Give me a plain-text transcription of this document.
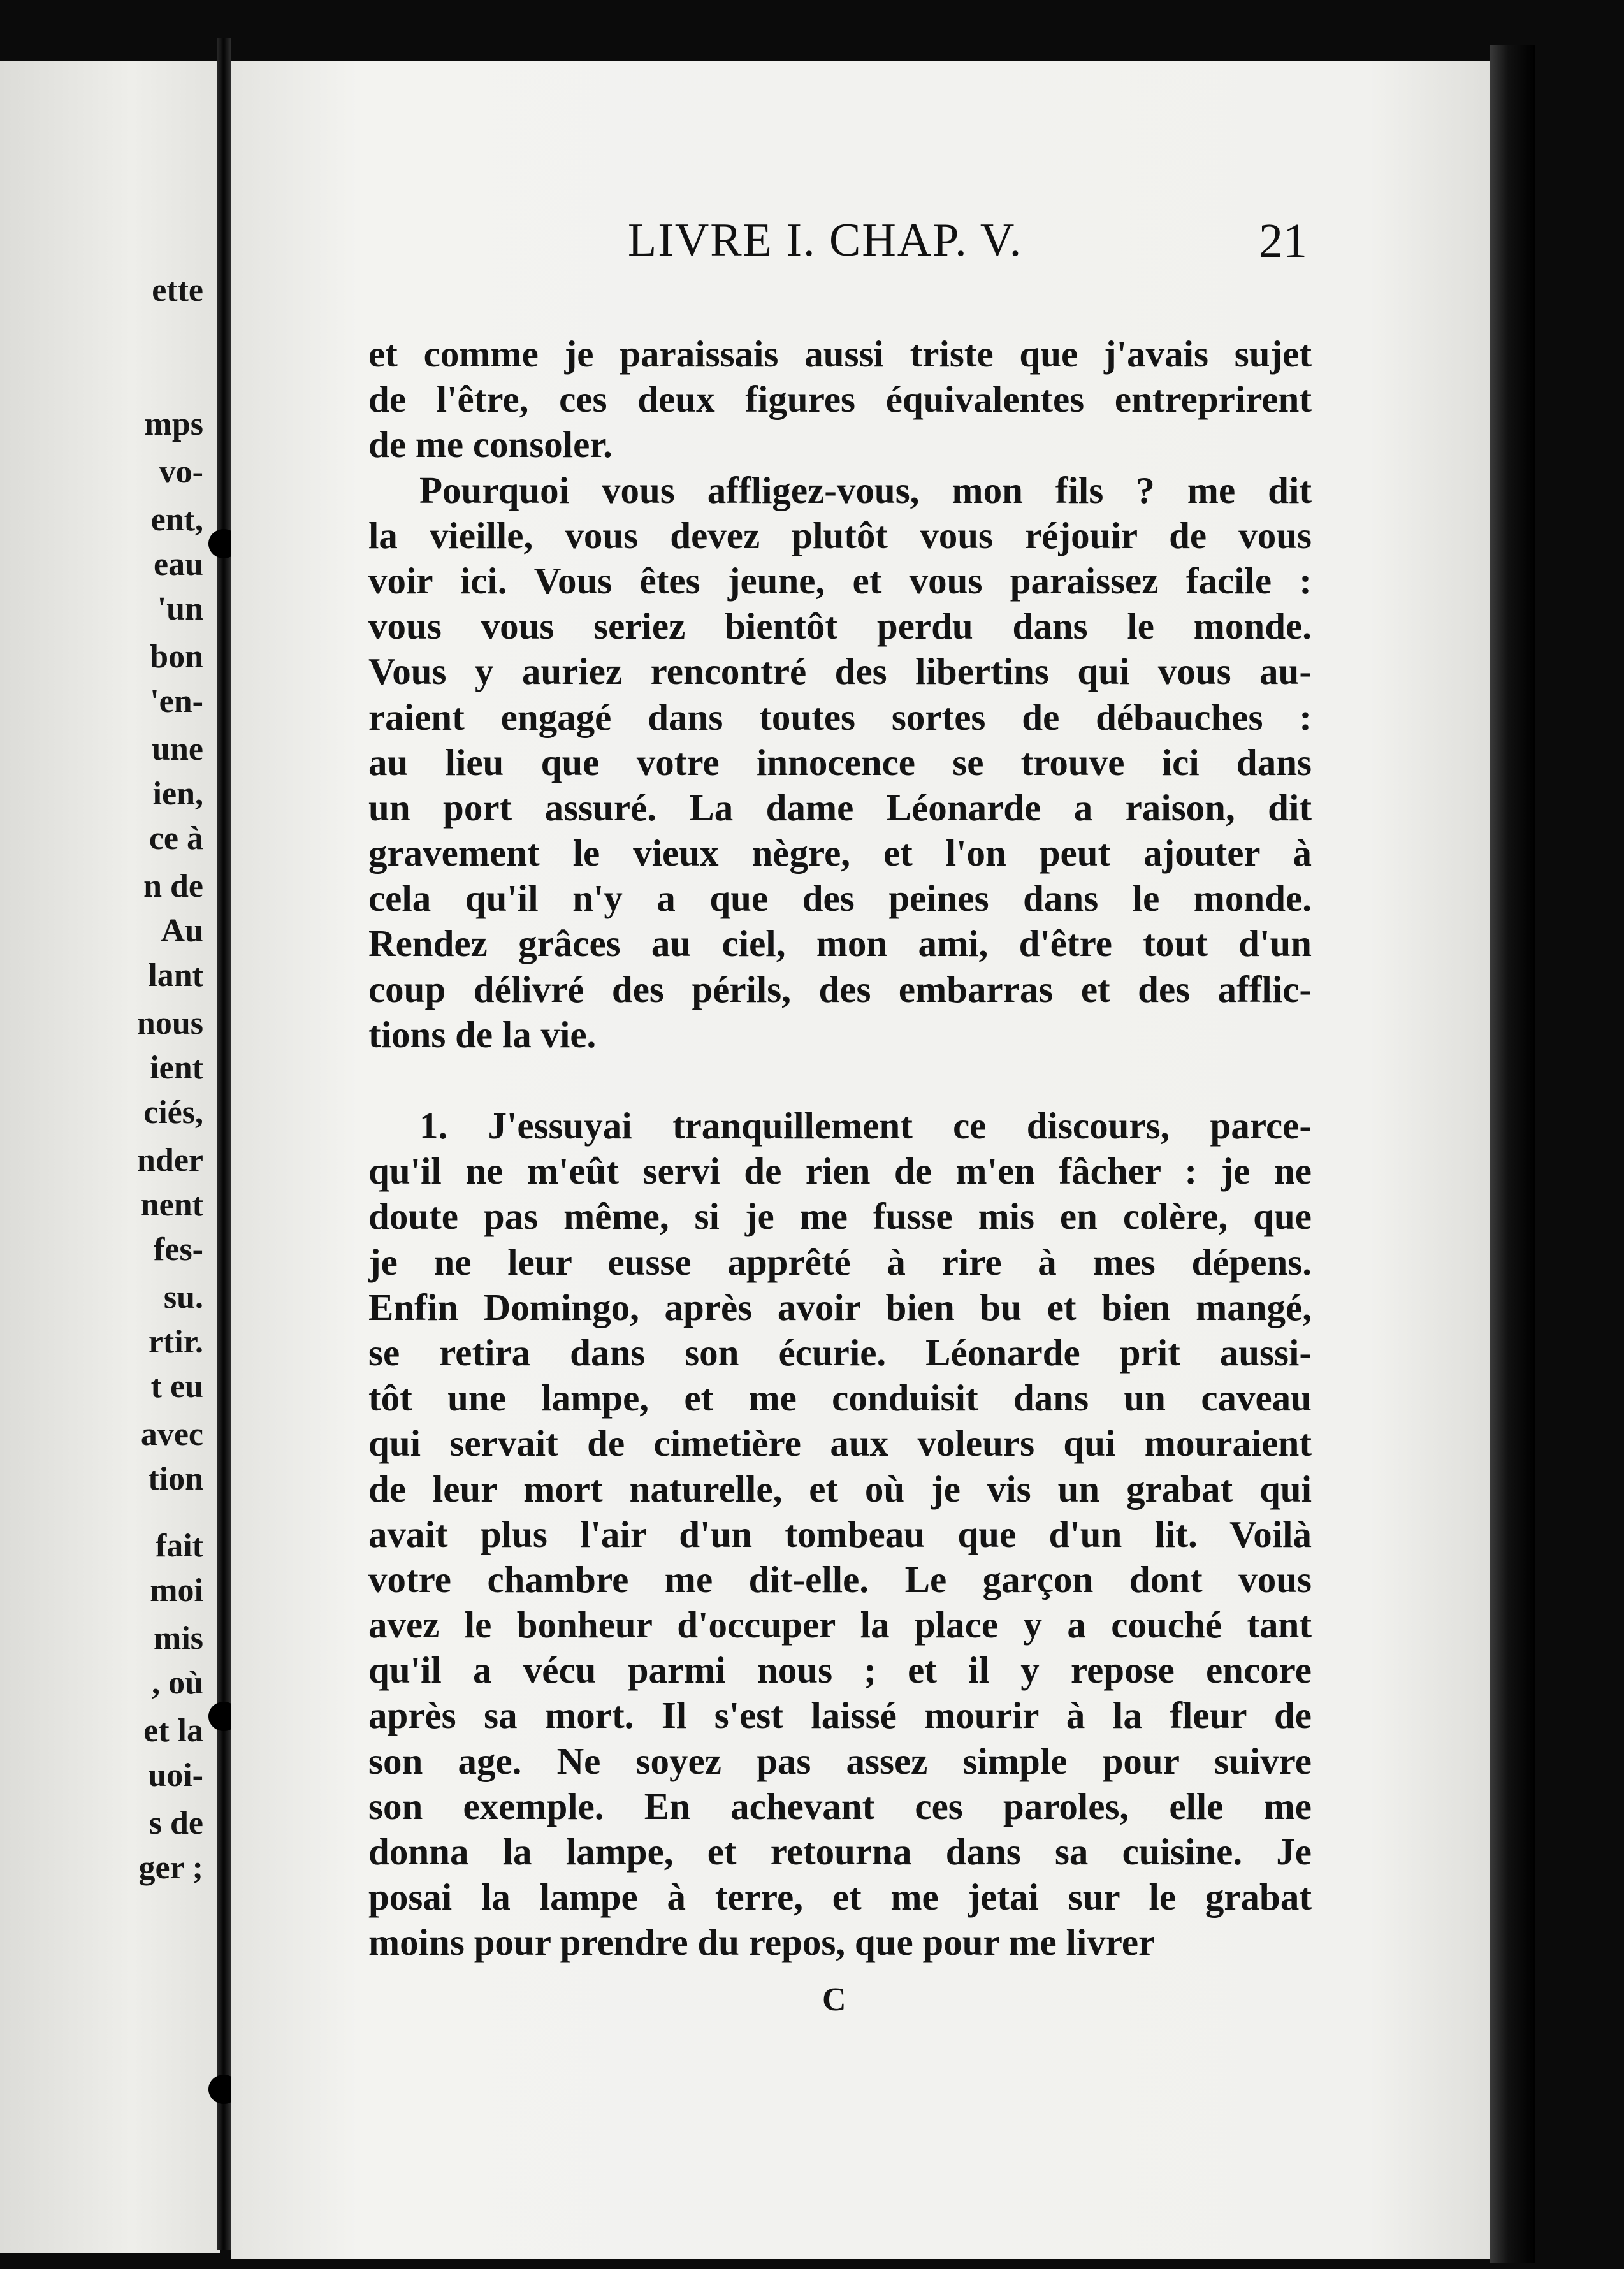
ette

mps

vo-

ent,

eau

'un

bon

'en-

une

ien,

ce à

n de

Au

lant

nous

ient

ciés,

nder

nent

fes-

su.

rtir.

t eu

avec

tion

fait

moi

mis

, où

et la

uoi-

s de

ger ;

LIVRE I. CHAP. V.	21
et comme je paraissais aussi triste que j'avais sujet
de l'être, ces deux figures équivalentes entreprirent
de me consoler.
Pourquoi vous affligez-vous, mon fils ? me dit
la vieille, vous devez plutôt vous réjouir de vous
voir ici. Vous êtes jeune, et vous paraissez facile :
vous vous seriez bientôt perdu dans le monde.
Vous y auriez rencontré des libertins qui vous au-
raient engagé dans toutes sortes de débauches :
au lieu que votre innocence se trouve ici dans
un port assuré. La dame Léonarde a raison, dit
gravement le vieux nègre, et l'on peut ajouter à
cela qu'il n'y a que des peines dans le monde.
Rendez grâces au ciel, mon ami, d'être tout d'un
coup délivré des périls, des embarras et des afflic-
tions de la vie.
1. J'essuyai tranquillement ce discours, parce-
qu'il ne m'eût servi de rien de m'en fâcher : je ne
doute pas même, si je me fusse mis en colère, que
je ne leur eusse apprêté à rire à mes dépens.
Enfin Domingo, après avoir bien bu et bien mangé,
se retira dans son écurie. Léonarde prit aussi-
tôt une lampe, et me conduisit dans un caveau
qui servait de cimetière aux voleurs qui mouraient
de leur mort naturelle, et où je vis un grabat qui
avait plus l'air d'un tombeau que d'un lit. Voilà
votre chambre me dit-elle. Le garçon dont vous
avez le bonheur d'occuper la place y a couché tant
qu'il a vécu parmi nous ; et il y repose encore
après sa mort. Il s'est laissé mourir à la fleur de
son age. Ne soyez pas assez simple pour suivre
son exemple. En achevant ces paroles, elle me
donna la lampe, et retourna dans sa cuisine. Je
posai la lampe à terre, et me jetai sur le grabat
moins pour prendre du repos, que pour me livrer
C
